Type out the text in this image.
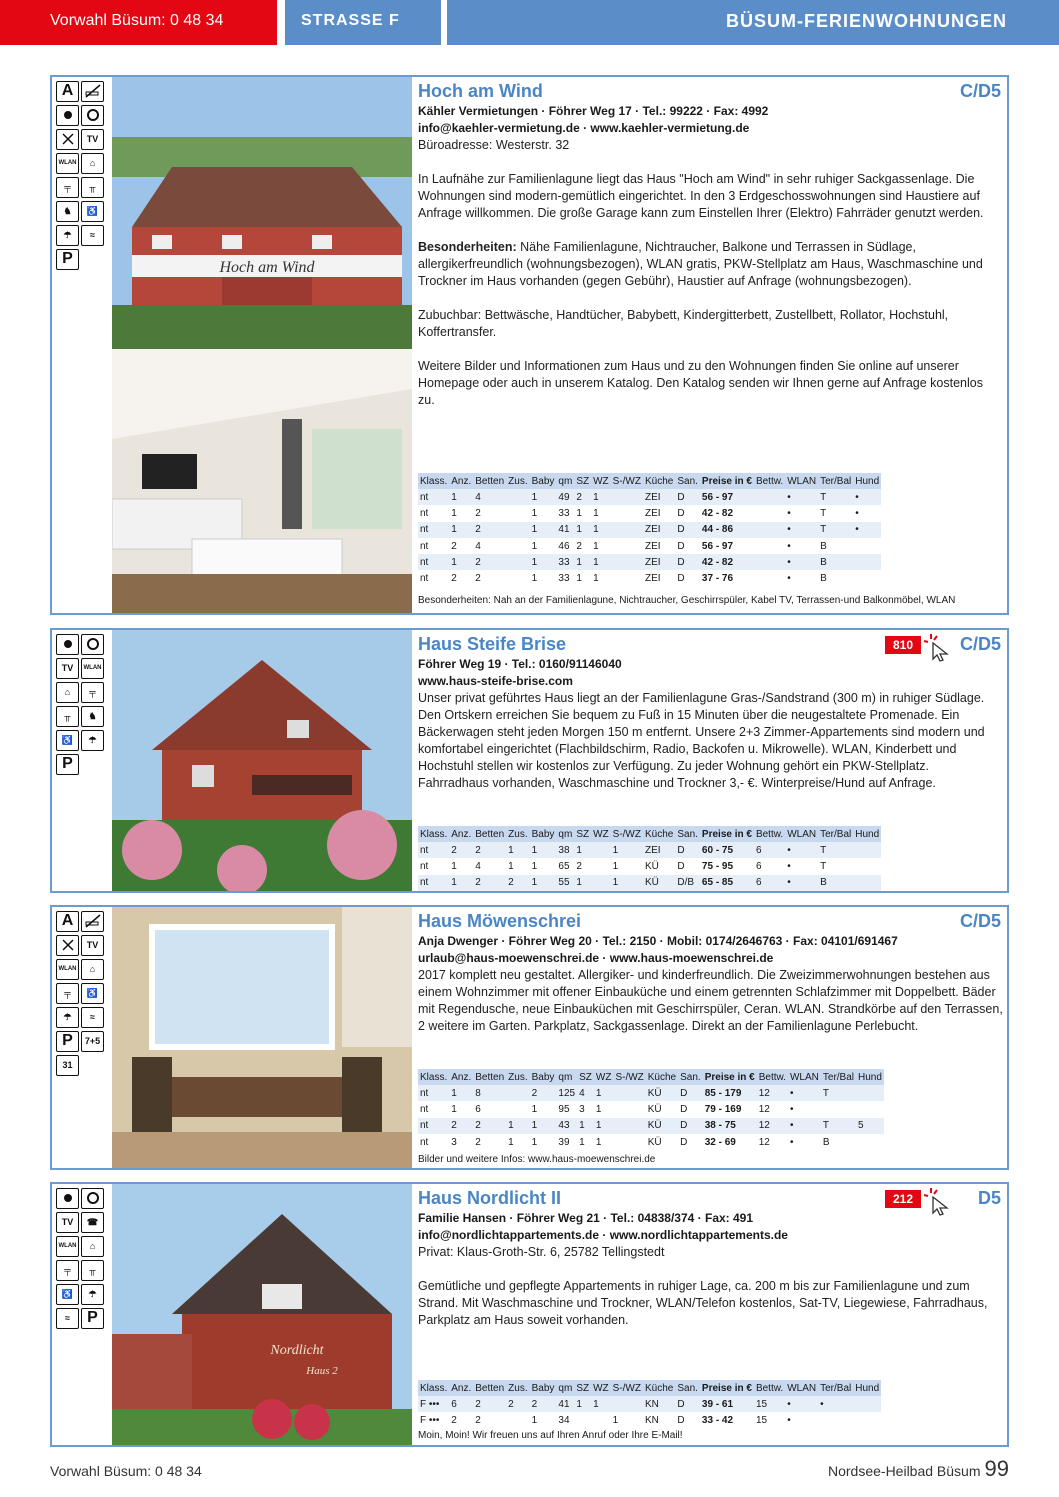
Vorwahl Büsum: 0 48 34	STRASSE F	BÜSUM-FERIENWOHNUNGEN
A  TV WLAN ⌂ ╤ ╥ ♞ ♿ ☂ ≈ P
Hoch am Wind
Hoch am Wind	C/D5
Kähler Vermietungen · Föhrer Weg 17 · Tel.: 99222 · Fax: 4992
info@kaehler-vermietung.de · www.kaehler-vermietung.de
Büroadresse: Westerstr. 32
In Laufnähe zur Familienlagune liegt das Haus "Hoch am Wind" in sehr ruhiger Sackgassenlage. Die Wohnungen sind modern-gemütlich eingerichtet. In den 3 Erdgeschosswohnungen sind Haustiere auf Anfrage willkommen. Die große Garage kann zum Einstellen Ihrer (Elektro) Fahrräder genutzt werden.
Besonderheiten: Nähe Familienlagune, Nichtraucher, Balkone und Terrassen in Südlage, allergikerfreundlich (wohnungsbezogen), WLAN gratis, PKW-Stellplatz am Haus, Waschmaschine und Trockner im Haus vorhanden (gegen Gebühr), Haustier auf Anfrage (wohnungsbezogen).
Zubuchbar: Bettwäsche, Handtücher, Babybett, Kindergitterbett, Zustellbett, Rollator, Hochstuhl, Koffertransfer.
Weitere Bilder und Informationen zum Haus und zu den Wohnungen finden Sie online auf unserer Homepage oder auch in unserem Katalog. Den Katalog senden wir Ihnen gerne auf Anfrage kostenlos zu.
Klass.	Anz.	Betten	Zus.	Baby	qm	SZ	WZ	S-/WZ	Küche	San.	Preise in €	Bettw.	WLAN	Ter/Bal	Hund
nt	1	4		1	49	2	1		ZEI	D	56 - 97		•	T	•
nt	1	2		1	33	1	1		ZEI	D	42 - 82		•	T	•
nt	1	2		1	41	1	1		ZEI	D	44 - 86		•	T	•
nt	2	4		1	46	2	1		ZEI	D	56 - 97		•	B	
nt	1	2		1	33	1	1		ZEI	D	42 - 82		•	B	
nt	2	2		1	33	1	1		ZEI	D	37 - 76		•	B	
Besonderheiten: Nah an der Familienlagune, Nichtraucher, Geschirrspüler, Kabel TV, Terrassen-und Balkonmöbel, WLAN
TV WLAN ⌂ ╤ ╥ ♞ ♿ ☂ P
Haus Steife Brise	810	C/D5
Föhrer Weg 19 · Tel.: 0160/91146040
www.haus-steife-brise.com
Unser privat geführtes Haus liegt an der Familienlagune Gras-/Sandstrand (300 m) in ruhiger Südlage. Den Ortskern erreichen Sie bequem zu Fuß in 15 Minuten über die neugestaltete Promenade. Ein Bäckerwagen steht jeden Morgen 150 m entfernt. Unsere 2+3 Zimmer-Appartements sind modern und komfortabel eingerichtet (Flachbildschirm, Radio, Backofen u. Mikrowelle). WLAN, Kinderbett und Hochstuhl stellen wir kostenlos zur Verfügung. Zu jeder Wohnung gehört ein PKW-Stellplatz. Fahrradhaus vorhanden, Waschmaschine und Trockner 3,- €. Winterpreise/Hund auf Anfrage.
Klass.	Anz.	Betten	Zus.	Baby	qm	SZ	WZ	S-/WZ	Küche	San.	Preise in €	Bettw.	WLAN	Ter/Bal	Hund
nt	2	2	1	1	38	1		1	ZEI	D	60 - 75	6	•	T	
nt	1	4	1	1	65	2		1	KÜ	D	75 - 95	6	•	T	
nt	1	2	2	1	55	1		1	KÜ	D/B	65 - 85	6	•	B	
A TV WLAN ⌂ ╤ ♿ ☂ ≈ P 7+5 31
Haus Möwenschrei	C/D5
Anja Dwenger · Föhrer Weg 20 · Tel.: 2150 · Mobil: 0174/2646763 · Fax: 04101/691467
urlaub@haus-moewenschrei.de · www.haus-moewenschrei.de
2017 komplett neu gestaltet. Allergiker- und kinderfreundlich. Die Zweizimmerwohnungen bestehen aus einem Wohnzimmer mit offener Einbauküche und einem getrennten Schlafzimmer mit Doppelbett. Bäder mit Regendusche, neue Einbauküchen mit Geschirrspüler, Ceran. WLAN. Strandkörbe auf den Terrassen, 2 weitere im Garten. Parkplatz, Sackgassenlage. Direkt an der Familienlagune Perlebucht.
Klass.	Anz.	Betten	Zus.	Baby	qm	SZ	WZ	S-/WZ	Küche	San.	Preise in €	Bettw.	WLAN	Ter/Bal	Hund
nt	1	8		2	125	4	1		KÜ	D	85 - 179	12	•	T	
nt	1	6		1	95	3	1		KÜ	D	79 - 169	12	•		
nt	2	2	1	1	43	1	1		KÜ	D	38 - 75	12	•	T	5
nt	3	2	1	1	39	1	1		KÜ	D	32 - 69	12	•	B	
Bilder und weitere Infos: www.haus-moewenschrei.de
TV ☎ WLAN ⌂ ╤ ╥ ♿ ☂ ≈ P
Nordlicht
Haus 2
Haus Nordlicht II	212	D5
Familie Hansen · Föhrer Weg 21 · Tel.: 04838/374 · Fax: 491
info@nordlichtappartements.de · www.nordlichtappartements.de
Privat: Klaus-Groth-Str. 6, 25782 Tellingstedt
Gemütliche und gepflegte Appartements in ruhiger Lage, ca. 200 m bis zur Familienlagune und zum Strand. Mit Waschmaschine und Trockner, WLAN/Telefon kostenlos, Sat-TV, Liegewiese, Fahrradhaus, Parkplatz am Haus soweit vorhanden.
Klass.	Anz.	Betten	Zus.	Baby	qm	SZ	WZ	S-/WZ	Küche	San.	Preise in €	Bettw.	WLAN	Ter/Bal	Hund
F •••	6	2	2	2	41	1	1		KN	D	39 - 61	15	•	•	
F •••	2	2		1	34			1	KN	D	33 - 42	15	•		
Moin, Moin! Wir freuen uns auf Ihren Anruf oder Ihre E-Mail!
Vorwahl Büsum: 0 48 34	Nordsee-Heilbad Büsum 99
